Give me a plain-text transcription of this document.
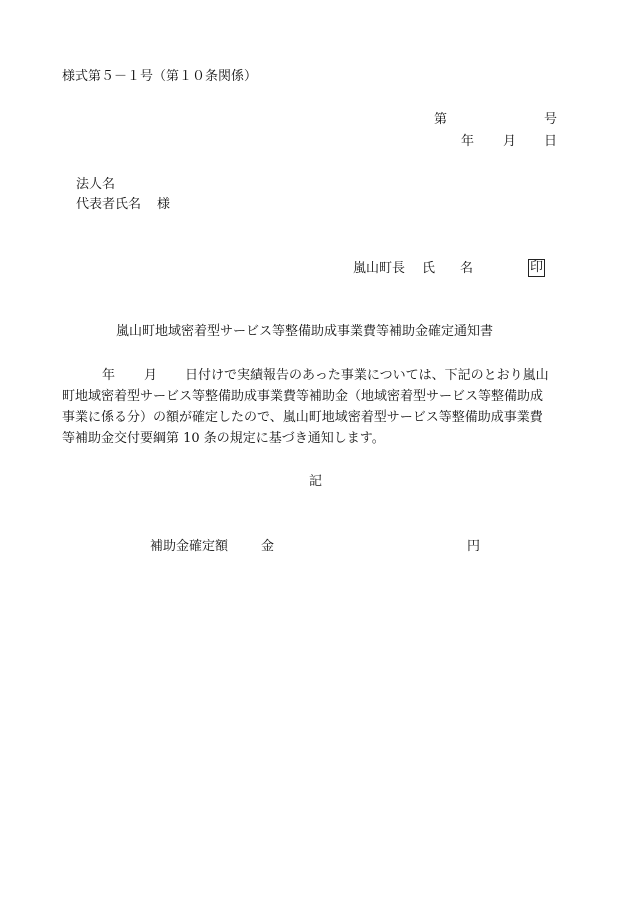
様式第５－１号（第１０条関係）
第	号
年 月 日
法人名
代表者氏名 様
嵐山町長 氏 名	印
嵐山町地域密着型サービス等整備助成事業費等補助金確定通知書
年 月 日付けで実績報告のあった事業については、下記のとおり嵐山
町地域密着型サービス等整備助成事業費等補助金（地域密着型サービス等整備助成
事業に係る分）の額が確定したので、嵐山町地域密着型サービス等整備助成事業費
等補助金交付要綱第 10 条の規定に基づき通知します。
記
補助金確定額	金	円
